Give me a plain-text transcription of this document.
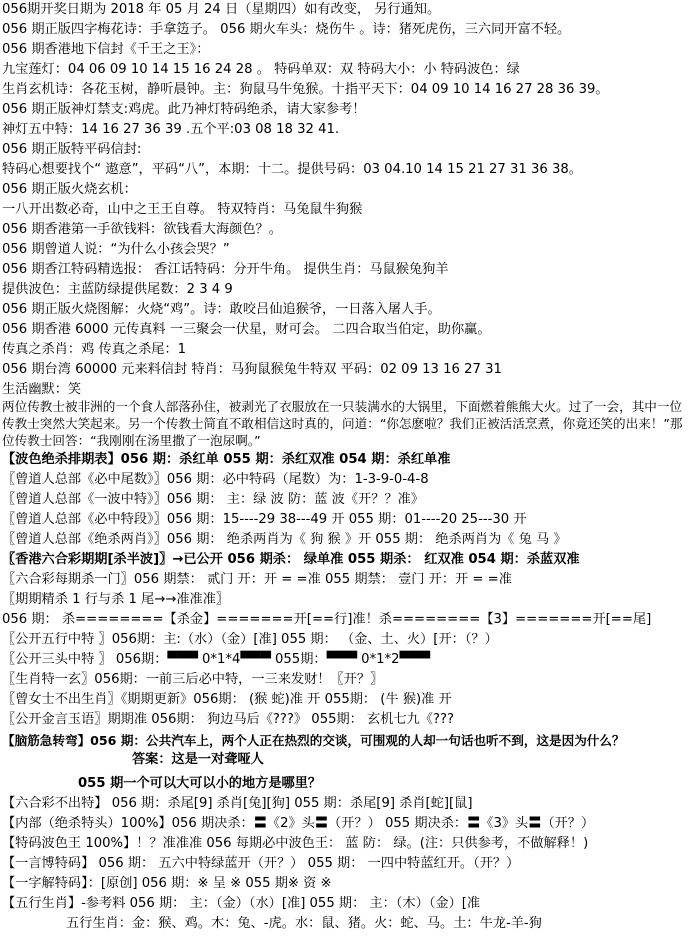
056期开奖日期为 2018 年 05 月 24 日（星期四）如有改变， 另行通知。
056 期正版四字梅花诗：手拿笾子。 056 期火车头：烧伤牛 。诗：猪死虎伤，三六同开富不轻。
056 期香港地下信封《千王之王》：
九宝莲灯：04 06 09 10 14 15 16 24 28 。 特码单双：双 特码大小：小 特码波色：绿
生肖玄机诗：各花玉树，静听晨钟。主：狗鼠马牛兔猴。十指平天下：04 09 10 14 16 27 28 36 39。
056 期正版神灯禁支:鸡虎。此乃神灯特码绝杀，请大家参考！
神灯五中特：14 16 27 36 39 .五个平:03 08 18 32 41.
056 期正版特平码信封:
特码心想要找个“ 遨意”，平码“八”，本期：十二。提供号码：03 04.10 14 15 21 27 31 36 38。
056 期正版火烧玄机：
一八开出数必奇，山中之王王自尊。 特双特肖：马兔鼠牛狗猴
056 期香港第一手欲钱料：欲钱看大海颜色？。
056 期曾道人说：“为什么小孩会哭？”
056 期香江特码精选报： 香江话特码：分开牛角。 提供生肖：马鼠猴兔狗羊
提供波色：主蓝防绿提供尾数：2 3 4 9
056 期正版火烧图解：火烧“鸡”。诗：敢咬吕仙追猴爷，一日落入屠人手。
056 期香港 6000 元传真料 一三聚会一伏星，财可会。 二四合取当伯定，助你赢。
传真之杀肖：鸡 传真之杀尾：1
056 期台湾 60000 元来料信封 特肖：马狗鼠猴兔牛特双 平码：02 09 13 16 27 31
生活幽默：笑
两位传教士被非洲的一个食人部落孙住，被剥光了衣服放在一只装满水的大锅里，下面燃着熊熊大火。过了一会，其中一位传教士突然大笑起来。另一个传教士简直不敢相信这时真的，问道：“你怎麽啦？我们正被活活烹煮，你竟还笑的出来！”那位传教士回答：“我刚刚在汤里撒了一泡尿啊。”
【波色绝杀排期表】056 期：杀红单 055 期：杀红双准 054 期：杀红单准
〖曾道人总部《必中尾数》〗056 期：必中特码（尾数）为：1-3-9-0-4-8
〖曾道人总部《一波中特》〗056 期： 主：绿 波 防：蓝 波《开？？准》
〖曾道人总部《必中特段》〗056 期：15----29 38---49 开 055 期：01----20 25---30 开
〖曾道人总部《绝杀两肖》〗056 期： 绝杀两肖为《 狗 猴 》开 055 期： 绝杀两肖为《 兔 马 》
〖香港六合彩期期[杀半波]〗→已公开 056 期杀： 绿单准 055 期杀： 红双准 054 期：杀蓝双准
〖六合彩每期杀一门〗056 期禁： 贰门 开：开 = =准 055 期禁： 壹门 开：开 = =准
〖期期精杀 1 行与杀 1 尾→→准准准〗
056 期： 杀========【杀金】=======开[==行]准！杀========【3】=======开[==尾]
〖公开五行中特 〗056期：主:（水）（金）[准] 055 期： （金、土、火）[开：（？）
〖公开三头中特 〗 056期：▀▀▀ 0*1*4▀▀▀ 055期：▀▀▀ 0*1*2▀▀▀
〖生肖特一玄〗056期：一前三后必中特，一三来发财！〖开？〗
〖曾女士不出生肖〗《期期更新》056期： (猴 蛇)准 开 055期： (牛 猴)准 开
〖公开金言玉语〗期期准 056期： 狗边马后《???》 055期： 玄机七九《???
【脑筋急转弯】056 期：公共汽车上，两个人正在热烈的交谈，可围观的人却一句话也听不到，这是因为什么？
答案：这是一对聋哑人
055 期一个可以大可以小的地方是哪里？
【六合彩不出特】 056 期：杀尾[9] 杀肖[兔][狗] 055 期：杀尾[9] 杀肖[蛇][鼠]
【内部（绝杀特头）100%】056 期决杀：〓《2》头〓（开？） 055 期决杀：〓《3》头〓（开？）
【特码波色王 100%】！？准准准 056 每期必中波色王： 蓝 防： 绿。(注：只供参考，不做解释！)
【一言博特码】 056 期： 五六中特绿蓝开（开？） 055 期： 一四中特蓝红开。（开？）
【一字解特码】：[原创] 056 期：※ 呈 ※ 055 期※ 资 ※
【五行生肖】-参考料 056 期： 主：（金）（水）[准] 055 期： 主：（木）（金）[准
五行生肖：金：猴、鸡。木：兔、-虎。水：鼠、猪。火：蛇、马。土：牛龙-羊-狗
